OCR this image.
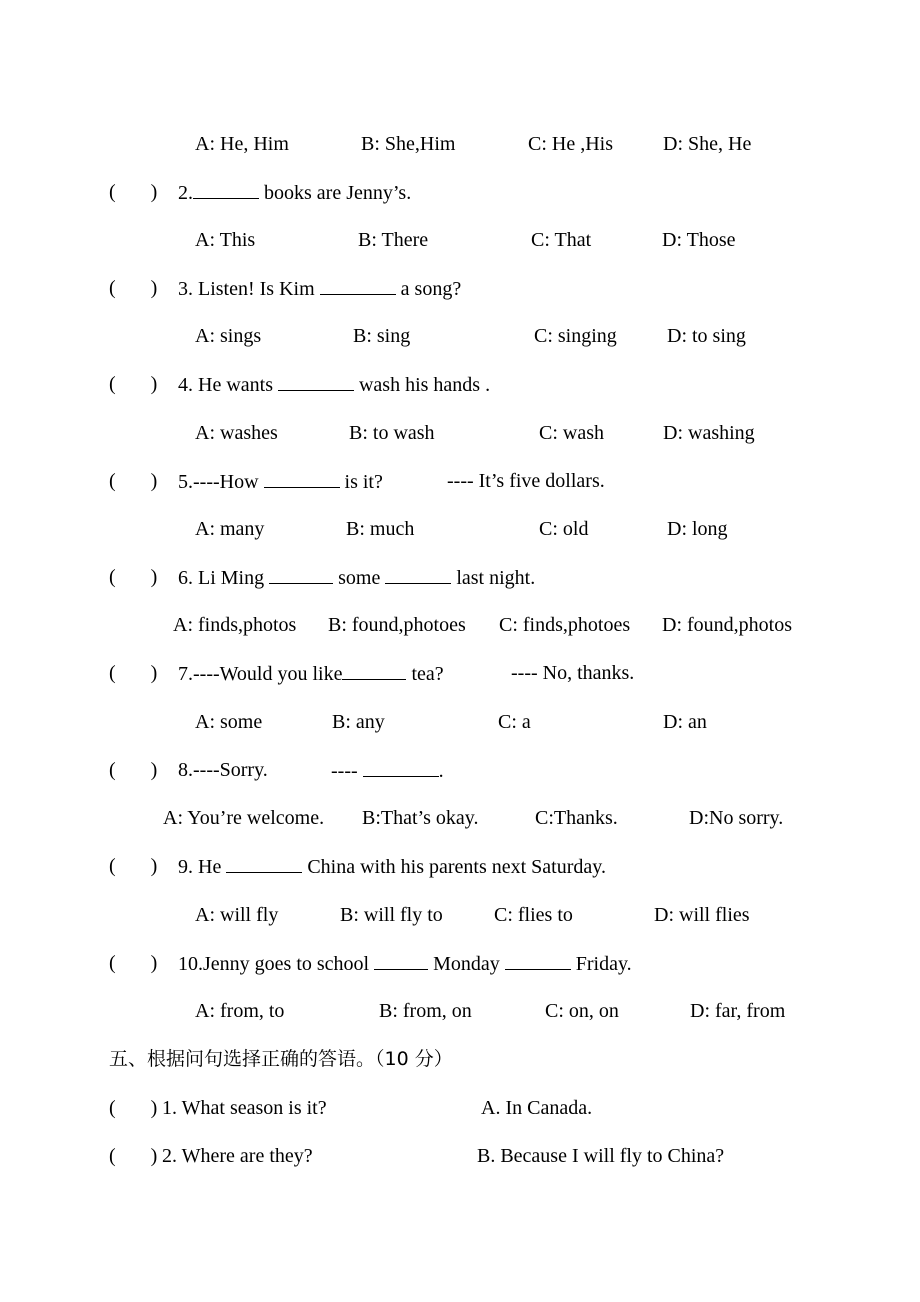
A: He, Him	B: She,Him	C: He ,His	D: She, He
(       ) 2.	books are Jenny’s.
A: This	B: There	C: That	D: Those
(       ) 3. Listen! Is Kim	a song?
A: sings	B: sing	C: singing	D: to sing
(       ) 4. He wants	wash his hands .
A: washes	B: to wash	C: wash	D: washing
(       ) 5.----How	is it?	---- It’s five dollars.
A: many	B: much	C: old	D: long
(       ) 6. Li Ming	some	last night.
A: finds,photos B: found,photoes C: finds,photoes D: found,photos
(       ) 7.----Would you like	tea?	---- No, thanks.
A: some	B: any	C: a	D: an
(       ) 8.----Sorry.	----	.
A: You’re welcome. B:That’s okay.	C:Thanks.	D:No sorry.
(       ) 9. He	China with his parents next Saturday.
A: will fly	B: will fly to	C: flies to	D: will flies
(       ) 10.Jenny goes to school	Monday	Friday.
A: from, to	B: from, on	C: on, on	D: far, from
五、根据问句选择正确的答语。（10 分）
(       ) 1. What season is it?	A. In Canada.
(       ) 2. Where are they?	B. Because I will fly to China?
